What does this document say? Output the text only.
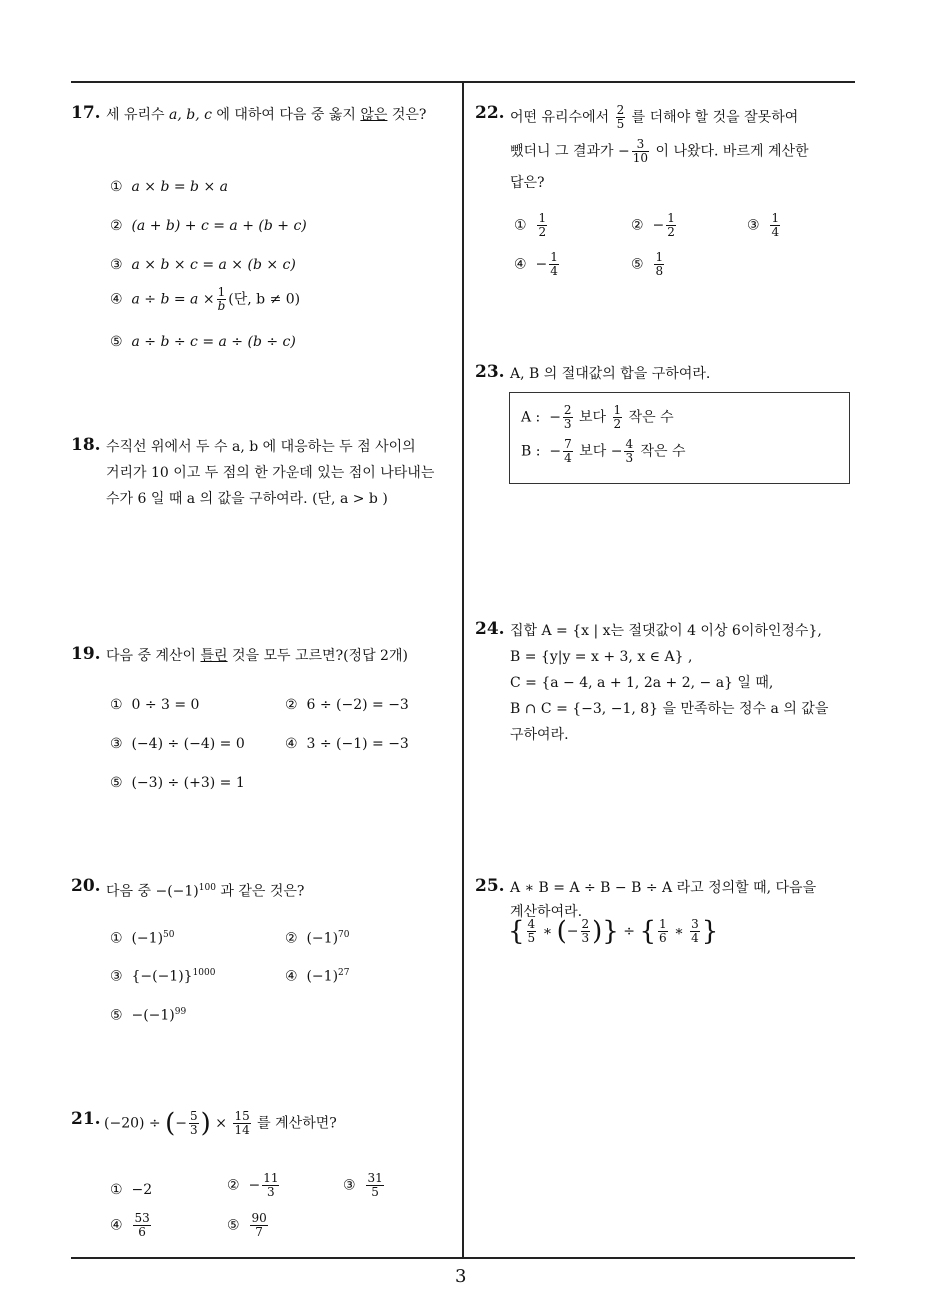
3
17. 세 유리수 a, b, c 에 대하여 다음 중 옳지 않은 것은?
① a × b = b × a
② (a + b) + c = a + (b + c)
③ a × b × c = a × (b × c)
④ $a \div b = a \times \frac{1}{b}$ (단, b ≠ 0)
⑤ a ÷ b ÷ c = a ÷ (b ÷ c)
18. 수직선 위에서 두 수 a, b 에 대응하는 두 점 사이의
거리가 10 이고 두 점의 한 가운데 있는 점이 나타내는
수가 6 일 때 a 의 값을 구하여라. (단, a > b )
19. 다음 중 계산이 틀린 것을 모두 고르면?(정답 2개)
① 0 ÷ 3 = 0	② 6 ÷ (−2) = −3
③ (−4) ÷ (−4) = 0	④ 3 ÷ (−1) = −3
⑤ (−3) ÷ (+3) = 1
20. 다음 중 $-(-1)^{100}$ 과 같은 것은?
① $(-1)^{50}$	② $(-1)^{70}$
③ $\{-(-1)\}^{1000}$	④ $(-1)^{27}$
⑤ $-(-1)^{99}$
21. (−20) ÷ (− $\frac{5}{3}$ ) × $\frac{15}{14}$ 를 계산하면?
① −2	② − $\frac{11}{3}$	③ $\frac{31}{5}$
④ $\frac{53}{6}$	⑤ $\frac{90}{7}$
22. 어떤 유리수에서 $\frac{2}{5}$ 를 더해야 할 것을 잘못하여
뺐더니 그 결과가 − $\frac{3}{10}$ 이 나왔다. 바르게 계산한
답은?
① $\frac{1}{2}$	② − $\frac{1}{2}$	③ $\frac{1}{4}$
④ − $\frac{1}{4}$	⑤ $\frac{1}{8}$
23. A, B 의 절대값의 합을 구하여라.
A : − $\frac{2}{3}$ 보다 $\frac{1}{2}$ 작은 수
B : − $\frac{7}{4}$ 보다 − $\frac{4}{3}$ 작은 수
24. 집합 A = {x | x는 절댓값이 4 이상 6이하인정수},
B = {y|y = x + 3, x ∈ A} ,
C = {a − 4, a + 1, 2a + 2, − a} 일 때,
B ∩ C = {−3, −1, 8} 을 만족하는 정수 a 의 값을
구하여라.
25. A ∗ B = A ÷ B − B ÷ A 라고 정의할 때, 다음을
계산하여라.
{ $\frac{4}{5}$ ∗ (− $\frac{2}{3}$ )} ÷ { $\frac{1}{6}$ ∗ $\frac{3}{4}$ }
